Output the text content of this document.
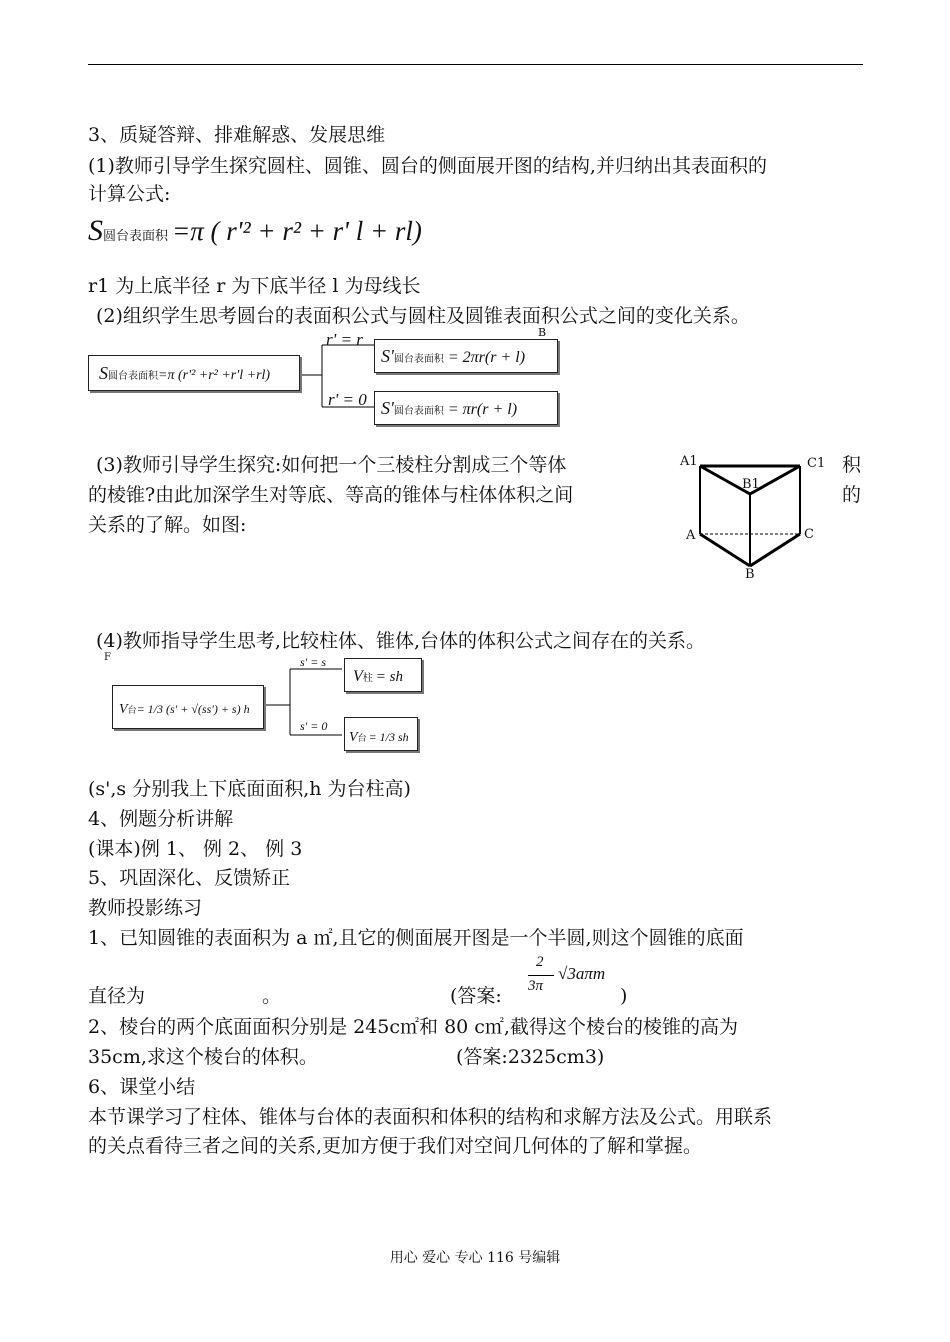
3、质疑答辩、排难解惑、发展思维
(1)教师引导学生探究圆柱、圆锥、圆台的侧面展开图的结构,并归纳出其表面积的
计算公式:
S圆台表面积 =π ( r'² + r² + r' l + rl)
r1 为上底半径 r 为下底半径 l 为母线长
(2)组织学生思考圆台的表面积公式与圆柱及圆锥表面积公式之间的变化关系。
S圆台表面积=π (r'² +r² +r'l +rl)
r' = r
r' = 0
B
S'圆台表面积 = 2πr(r + l)
S'圆台表面积 = πr(r + l)
(3)教师引导学生探究:如何把一个三棱柱分割成三个等体	积
的棱锥?由此加深学生对等底、等高的锥体与柱体体积之间	的
关系的了解。如图:
A1	C1
B1
A	C
B
(4)教师指导学生思考,比较柱体、锥体,台体的体积公式之间存在的关系。
F
V台= 1/3 (s' + √(ss') + s) h
s' = s
s' = 0
V柱 = sh
V台 = 1/3 sh
(s',s 分别我上下底面面积,h 为台柱高)
4、例题分析讲解
(课本)例 1、 例 2、 例 3
5、巩固深化、反馈矫正
教师投影练习
1、已知圆锥的表面积为 a ㎡,且它的侧面展开图是一个半圆,则这个圆锥的底面
直径为	。	(答案:
2
3π
√3aπm
)
2、棱台的两个底面面积分别是 245c㎡和 80 c㎡,截得这个棱台的棱锥的高为
35cm,求这个棱台的体积。	(答案:2325cm3)
6、课堂小结
本节课学习了柱体、锥体与台体的表面积和体积的结构和求解方法及公式。用联系
的关点看待三者之间的关系,更加方便于我们对空间几何体的了解和掌握。
用心 爱心 专心 116 号编辑
